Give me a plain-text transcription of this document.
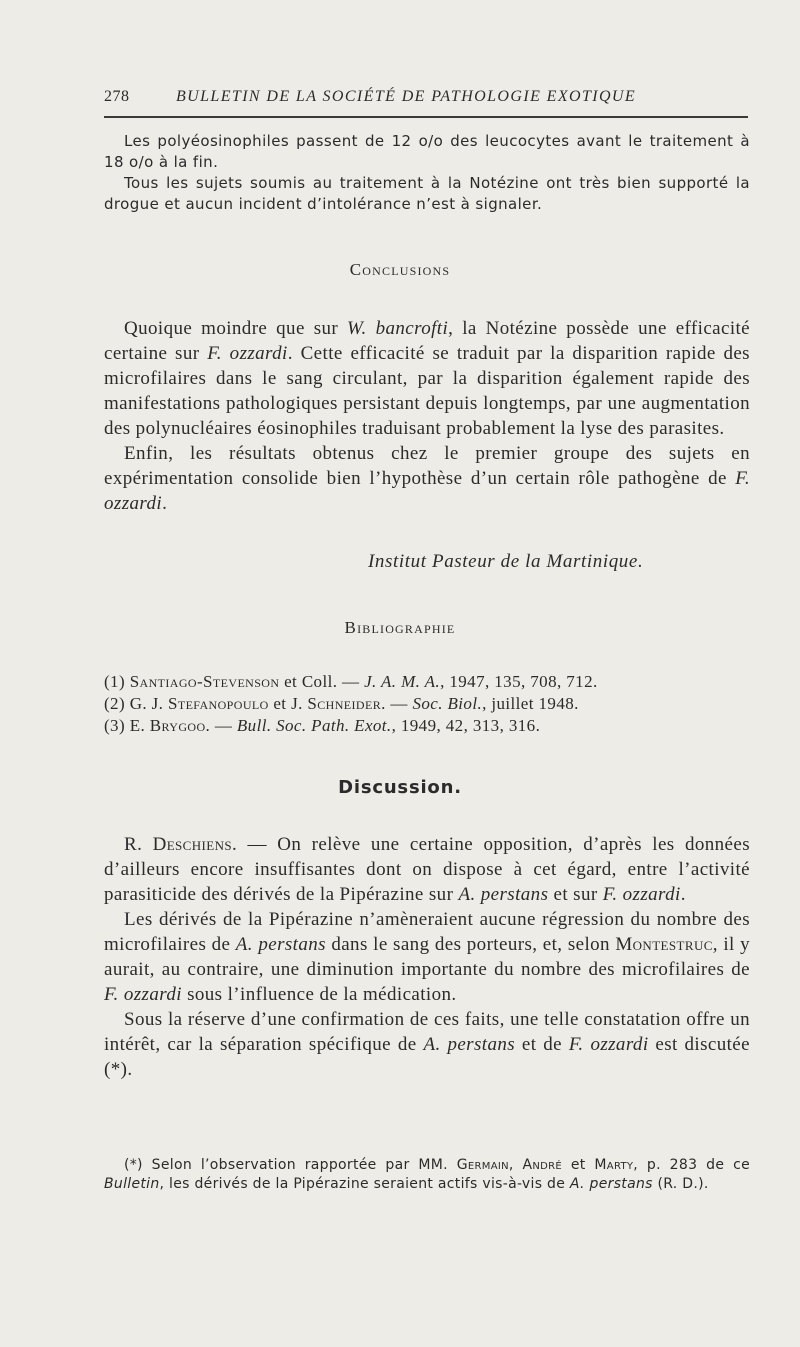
278	BULLETIN DE LA SOCIÉTÉ DE PATHOLOGIE EXOTIQUE

Les polyéosinophiles passent de 12 o/o des leucocytes avant le traitement à 18 o/o à la fin.

Tous les sujets soumis au traitement à la Notézine ont très bien supporté la drogue et aucun incident d’intolérance n’est à signaler.

Conclusions

Quoique moindre que sur W. bancrofti, la Notézine possède une efficacité certaine sur F. ozzardi. Cette efficacité se traduit par la disparition rapide des microfilaires dans le sang circulant, par la disparition également rapide des manifestations pathologiques persistant depuis longtemps, par une augmentation des polynucléaires éosinophiles traduisant probablement la lyse des parasites.

Enfin, les résultats obtenus chez le premier groupe des sujets en expérimentation consolide bien l’hypothèse d’un certain rôle pathogène de F. ozzardi.

Institut Pasteur de la Martinique.
Bibliographie

(1) Santiago-Stevenson et Coll. — J. A. M. A., 1947, 135, 708, 712.

(2) G. J. Stefanopoulo et J. Schneider. — Soc. Biol., juillet 1948.

(3) E. Brygoo. — Bull. Soc. Path. Exot., 1949, 42, 313, 316.

Discussion.

R. Deschiens. — On relève une certaine opposition, d’après les données d’ailleurs encore insuffisantes dont on dispose à cet égard, entre l’activité parasiticide des dérivés de la Pipérazine sur A. perstans et sur F. ozzardi.

Les dérivés de la Pipérazine n’amèneraient aucune régression du nombre des microfilaires de A. perstans dans le sang des porteurs, et, selon Montestruc, il y aurait, au contraire, une diminution importante du nombre des microfilaires de F. ozzardi sous l’influence de la médication.

Sous la réserve d’une confirmation de ces faits, une telle constatation offre un intérêt, car la séparation spécifique de A. perstans et de F. ozzardi est discutée (*).

(*) Selon l’observation rapportée par MM. Germain, André et Marty, p. 283 de ce Bulletin, les dérivés de la Pipérazine seraient actifs vis-à-vis de A. perstans (R. D.).
